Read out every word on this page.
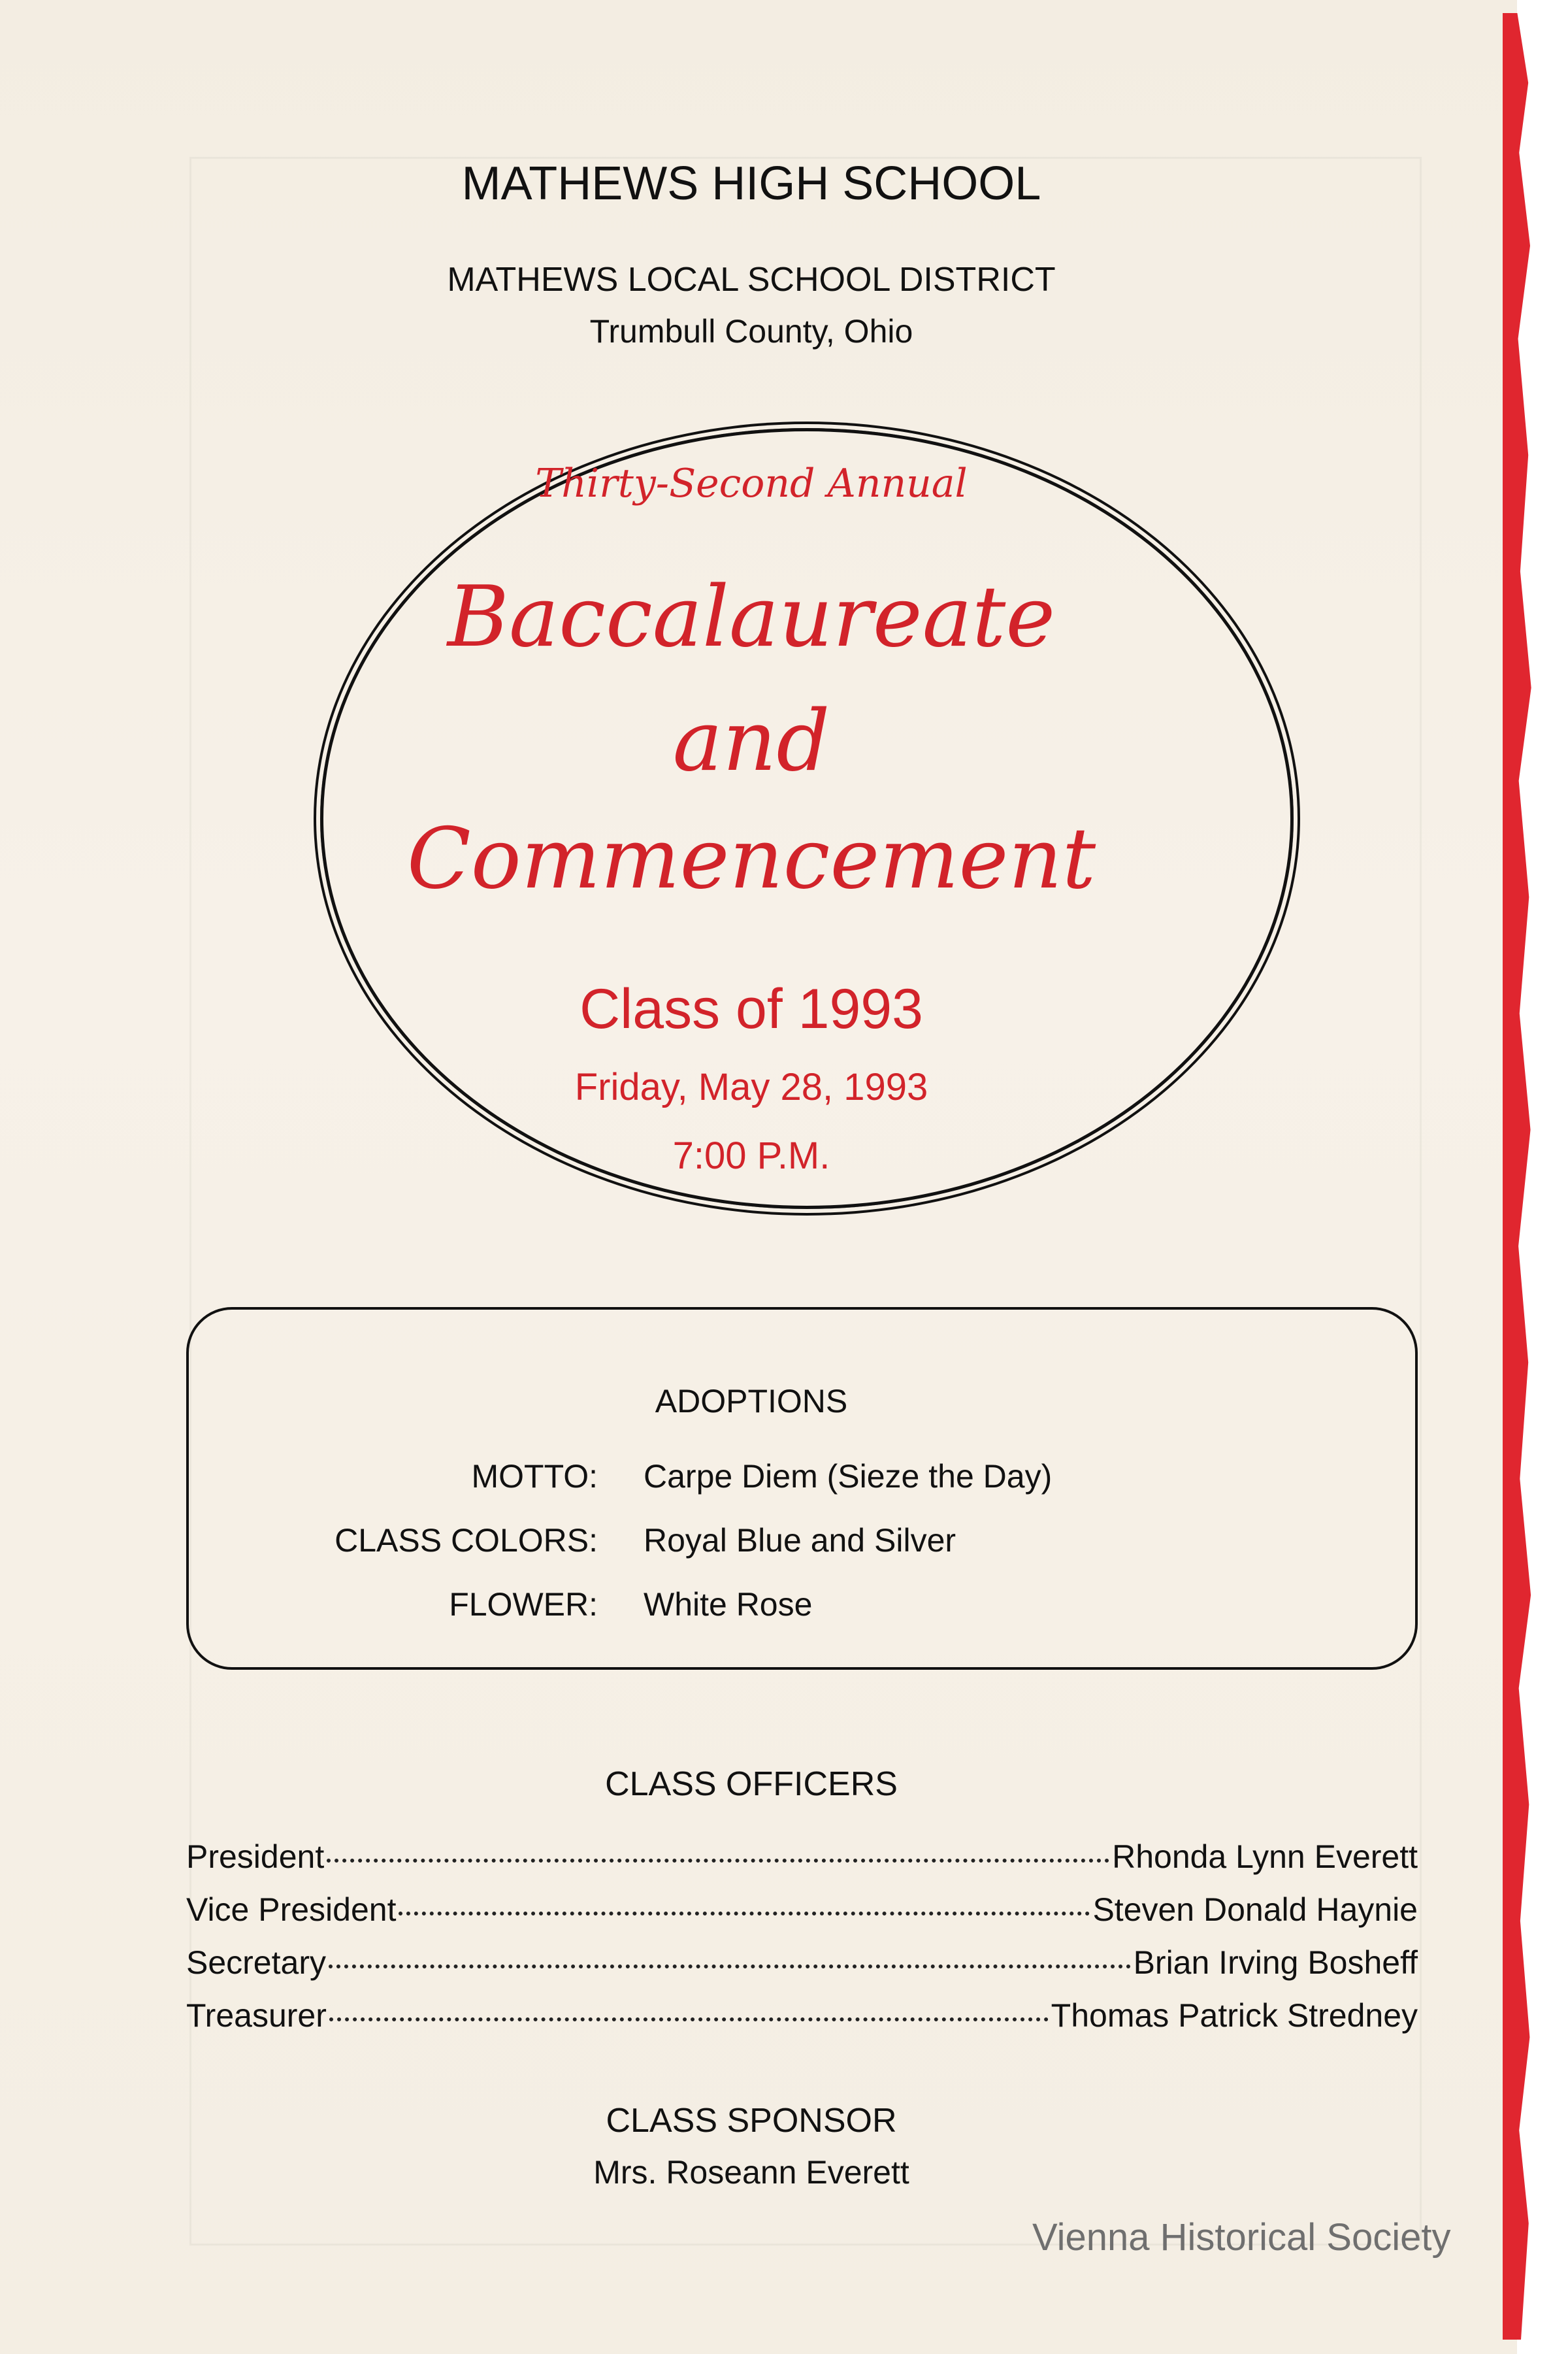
MATHEWS HIGH SCHOOL
MATHEWS LOCAL SCHOOL DISTRICT
Trumbull County, Ohio
Thirty-Second Annual
Baccalaureate
and
Commencement
Class of 1993
Friday, May 28, 1993
7:00 P.M.
ADOPTIONS
MOTTO: Carpe Diem (Sieze the Day)
CLASS COLORS: Royal Blue and Silver
FLOWER: White Rose
CLASS OFFICERS
President	Rhonda Lynn Everett
Vice President	Steven Donald Haynie
Secretary	Brian Irving Bosheff
Treasurer	Thomas Patrick Stredney
CLASS SPONSOR
Mrs. Roseann Everett
Vienna Historical Society
